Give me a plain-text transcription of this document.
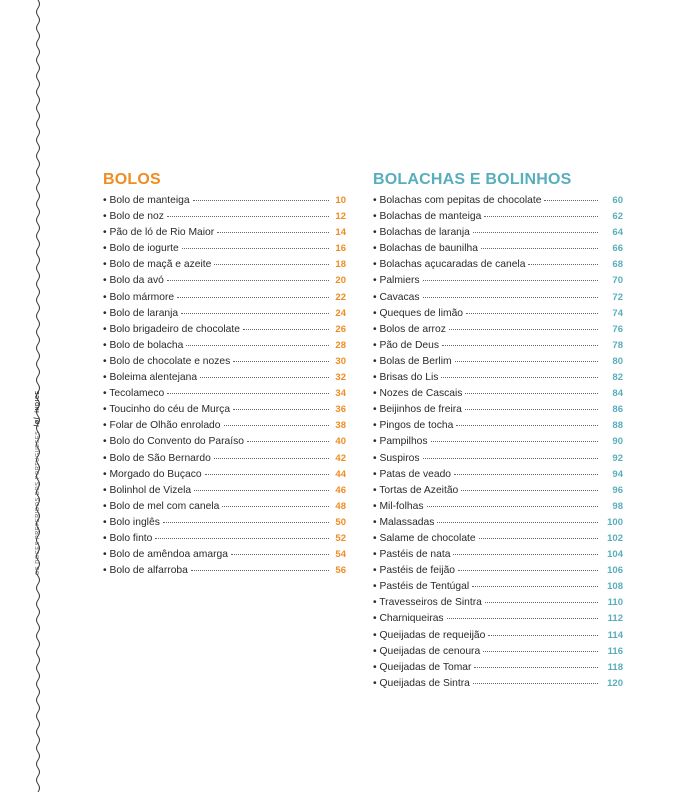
OS DOCES PREFERIDOS DOS PORTUGUESES
/ø/
ÍNDICE
BOLOS
• Bolo de manteiga	10
• Bolo de noz	12
• Pão de ló de Rio Maior	14
• Bolo de iogurte	16
• Bolo de maçã e azeite	18
• Bolo da avó	20
• Bolo mármore	22
• Bolo de laranja	24
• Bolo brigadeiro de chocolate	26
• Bolo de bolacha	28
• Bolo de chocolate e nozes	30
• Boleima alentejana	32
• Tecolameco	34
• Toucinho do céu de Murça	36
• Folar de Olhão enrolado	38
• Bolo do Convento do Paraíso	40
• Bolo de São Bernardo	42
• Morgado do Buçaco	44
• Bolinhol de Vizela	46
• Bolo de mel com canela	48
• Bolo inglês	50
• Bolo finto	52
• Bolo de amêndoa amarga	54
• Bolo de alfarroba	56
BOLACHAS E BOLINHOS
• Bolachas com pepitas de chocolate	60
• Bolachas de manteiga	62
• Bolachas de laranja	64
• Bolachas de baunilha	66
• Bolachas açucaradas de canela	68
• Palmiers	70
• Cavacas	72
• Queques de limão	74
• Bolos de arroz	76
• Pão de Deus	78
• Bolas de Berlim	80
• Brisas do Lis	82
• Nozes de Cascais	84
• Beijinhos de freira	86
• Pingos de tocha	88
• Pampilhos	90
• Suspiros	92
• Patas de veado	94
• Tortas de Azeitão	96
• Mil-folhas	98
• Malassadas	100
• Salame de chocolate	102
• Pastéis de nata	104
• Pastéis de feijão	106
• Pastéis de Tentúgal	108
• Travesseiros de Sintra	110
• Charniqueiras	112
• Queijadas de requeijão	114
• Queijadas de cenoura	116
• Queijadas de Tomar	118
• Queijadas de Sintra	120
